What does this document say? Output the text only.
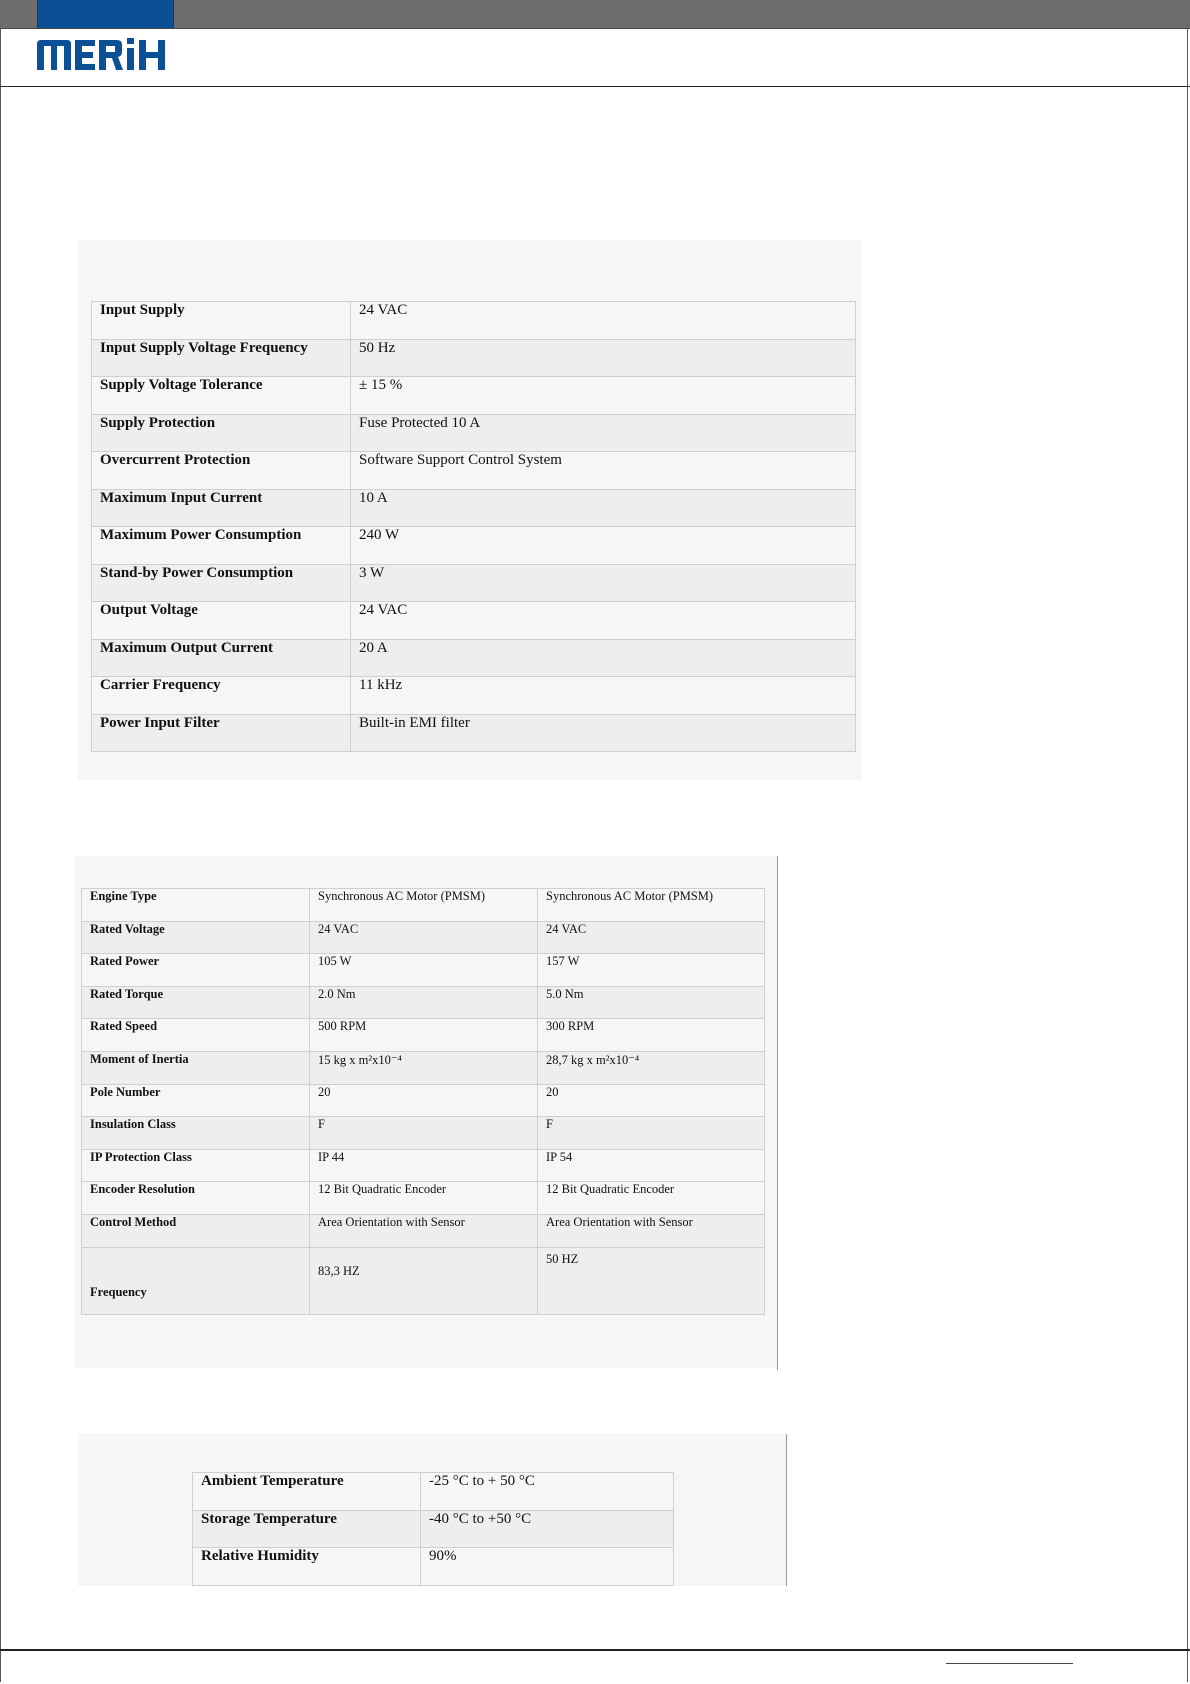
Input Supply	24 VAC
Input Supply Voltage Frequency	50 Hz
Supply Voltage Tolerance	± 15 %
Supply Protection	Fuse Protected 10 A
Overcurrent Protection	Software Support Control System
Maximum Input Current	10 A
Maximum Power Consumption	240 W
Stand-by Power Consumption	3 W
Output Voltage	24 VAC
Maximum Output Current	20 A
Carrier Frequency	11 kHz
Power Input Filter	Built-in EMI filter
Engine Type	Synchronous AC Motor (PMSM)	Synchronous AC Motor (PMSM)
Rated Voltage	24 VAC	24 VAC
Rated Power	105 W	157 W
Rated Torque	2.0 Nm	5.0 Nm
Rated Speed	500 RPM	300 RPM
Moment of Inertia	15 kg x m²x10⁻⁴	28,7 kg x m²x10⁻⁴
Pole Number	20	20
Insulation Class	F	F
IP Protection Class	IP 44	IP 54
Encoder Resolution	12 Bit Quadratic Encoder	12 Bit Quadratic Encoder
Control Method	Area Orientation with Sensor	Area Orientation with Sensor
Frequency	83,3 HZ	50 HZ
Ambient Temperature	-25 °C to + 50 °C
Storage Temperature	-40 °C to +50 °C
Relative Humidity	90%
